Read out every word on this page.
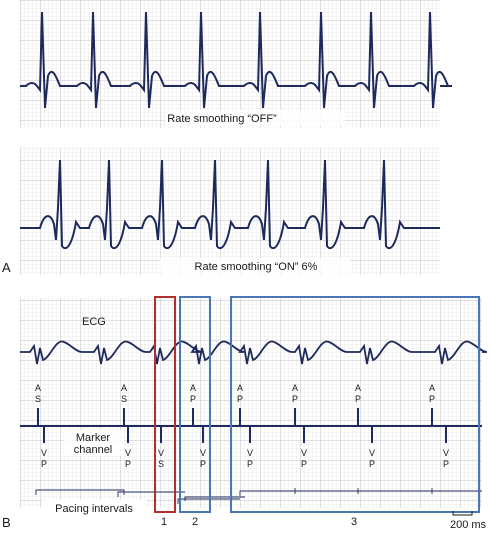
Rate smoothing “OFF”
Rate smoothing “ON” 6%
A
ECG
A
S
A
S
A
P
A
P
A
P
A
P
A
P
V
P
V
P
V
S
V
P
V
P
V
P
V
P
V
P
Marker
channel
Pacing intervals
1 2	3	200 ms
B
